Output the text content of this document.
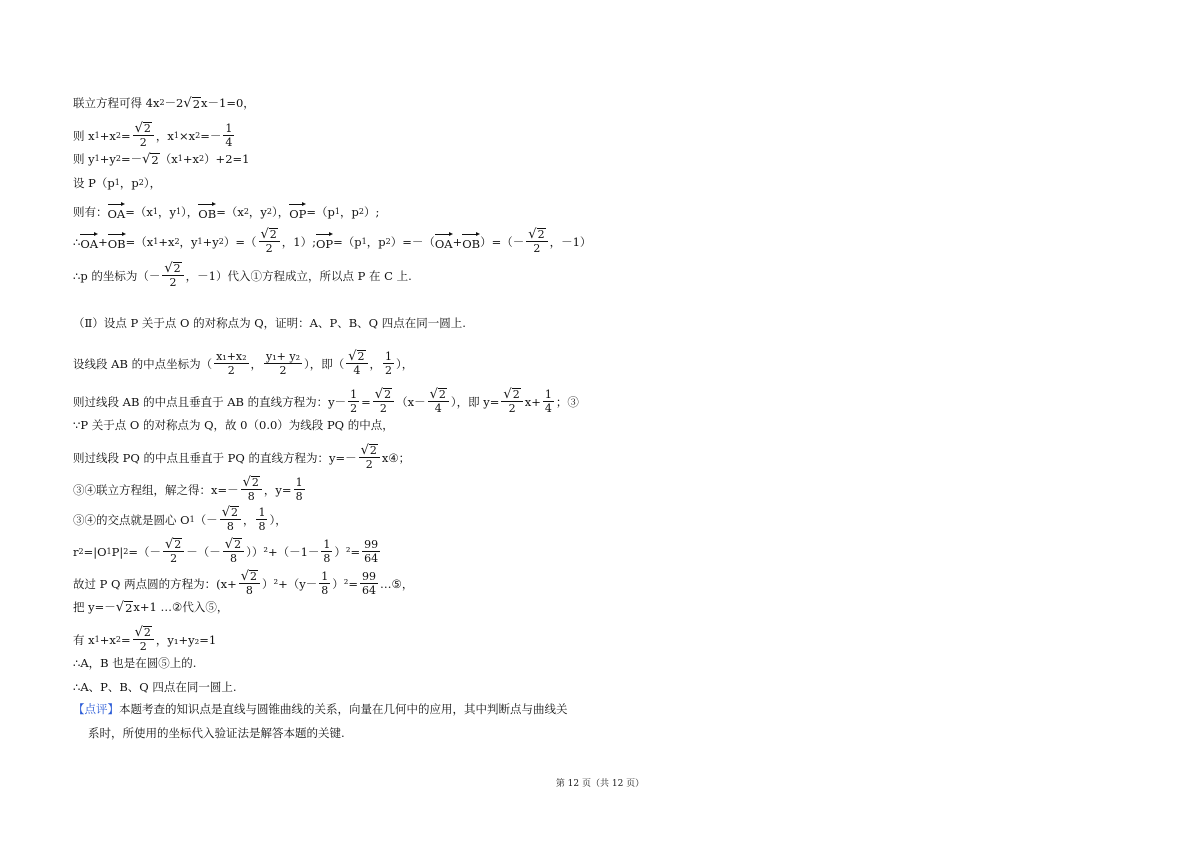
联立方程可得 4x 2 －2 √ 2 x－1=0，
则 x 1 +x $2 = \frac{√ 2}{2}$ ，x 1 ×x $2 =- \frac{1}{4}$
则 y 1 +y 2 =－ √ 2 （x 1 +x 2 ）+2=1
设 P（p 1 ，p 2 ），
则有： OA =（x 1 ，y 1 ）， OB =（x 2 ，y 2 ）， OP =（p 1 ，p 2 ）;
∴ OA + OB =（x 1 +x 2 ，y 1 +y 2 ）=（ $\frac{√ 2}{2}$ ，1）; OP =（p 1 ，p 2 ）=－（ OA + OB ）=（－ $\frac{√ 2}{2}$ ，－1）
∴p 的坐标为（－ $\frac{√ 2}{2}$ ，－1）代入①方程成立，所以点 P 在 C 上.
（Ⅱ）设点 P 关于点 O 的对称点为 Q，证明：A、P、B、Q 四点在同一圆上.
设线段 AB 的中点坐标为（ $\frac{\text{x₁+x₂}}{2}$ ， $\frac{\text{y₁+ y₂}}{2}$ ），即（ $\frac{√ 2}{4}$ ， $\frac{1}{2}$ ），
则过线段 AB 的中点且垂直于 AB 的直线方程为：$y- \frac{1}{2} = \frac{√ 2}{2} (x- \frac{√ 2}{4}$ ），即 $y= \frac{√ 2}{2} x+ \frac{1}{4}$ ；③
∵P 关于点 O 的对称点为 Q，故 0（0.0）为线段 PQ 的中点，
则过线段 PQ 的中点且垂直于 PQ 的直线方程为：$y=- \frac{√ 2}{2}$ x④；
③④联立方程组，解之得：$x=- \frac{√ 2}{8}$ ，$y= \frac{1}{8}$
③④的交点就是圆心 O 1 （－ $\frac{√ 2}{8}$ ， $\frac{1}{8}$ ），
r 2 =|O 1 P| 2 =（－ $\frac{√ 2}{2}$ －（－ $\frac{√ 2}{8} ))^2+(-1- \frac{1}{8} )^2= \frac{99}{64}$
故过 P Q 两点圆的方程为：$(x+ \frac{√ 2}{8} )^2+(y- \frac{1}{8} )^2= \frac{99}{64}$ …⑤，
把 y=－ √ 2 x+1 …②代入⑤，
有 x 1 +x $2 = \frac{√ 2}{2}$ ，y₁+y₂=1
∴A，B 也是在圆⑤上的.
∴A、P、B、Q 四点在同一圆上.
【点评】 本题考查的知识点是直线与圆锥曲线的关系，向量在几何中的应用，其中判断点与曲线关
系时，所使用的坐标代入验证法是解答本题的关键.
第 12 页（共 12 页）
